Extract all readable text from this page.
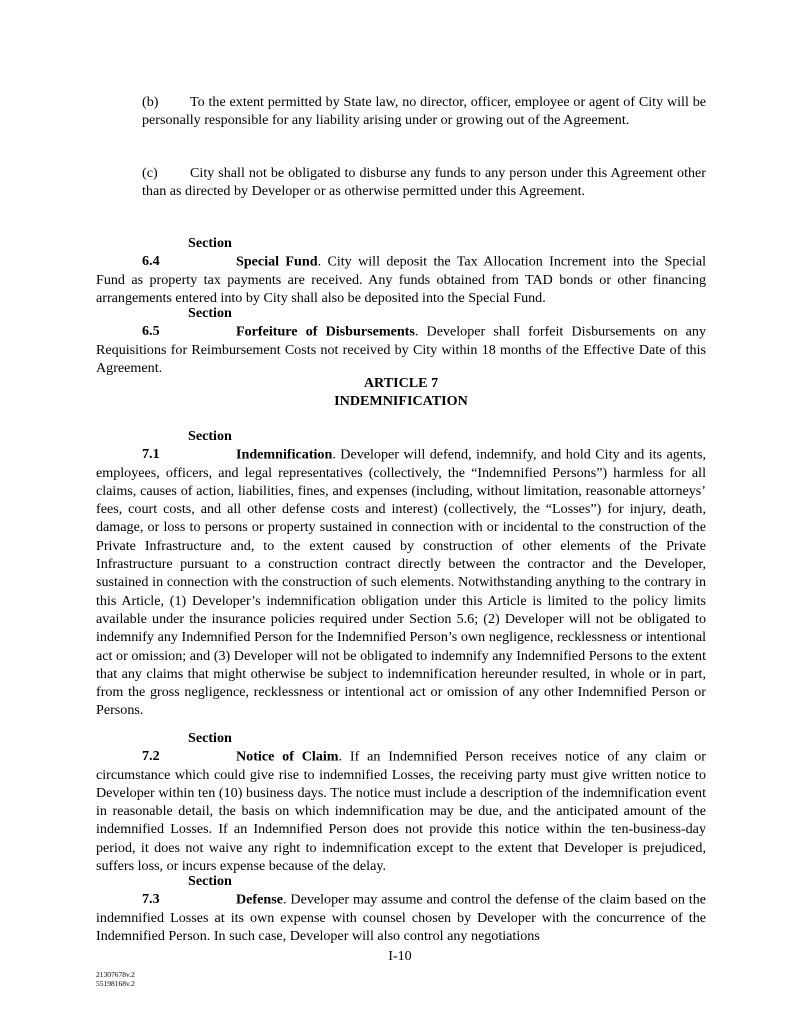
(b) To the extent permitted by State law, no director, officer, employee or agent of City will be personally responsible for any liability arising under or growing out of the Agreement.

(c) City shall not be obligated to disburse any funds to any person under this Agreement other than as directed by Developer or as otherwise permitted under this Agreement.

Section 6.4	Special Fund. City will deposit the Tax Allocation Increment into the Special Fund as property tax payments are received. Any funds obtained from TAD bonds or other financing arrangements entered into by City shall also be deposited into the Special Fund.

Section 6.5	Forfeiture of Disbursements. Developer shall forfeit Disbursements on any Requisitions for Reimbursement Costs not received by City within 18 months of the Effective Date of this Agreement.

ARTICLE 7

INDEMNIFICATION

Section 7.1	Indemnification. Developer will defend, indemnify, and hold City and its agents, employees, officers, and legal representatives (collectively, the “Indemnified Persons”) harmless for all claims, causes of action, liabilities, fines, and expenses (including, without limitation, reasonable attorneys’ fees, court costs, and all other defense costs and interest) (collectively, the “Losses”) for injury, death, damage, or loss to persons or property sustained in connection with or incidental to the construction of the Private Infrastructure and, to the extent caused by construction of other elements of the Private Infrastructure pursuant to a construction contract directly between the contractor and the Developer, sustained in connection with the construction of such elements. Notwithstanding anything to the contrary in this Article, (1) Developer’s indemnification obligation under this Article is limited to the policy limits available under the insurance policies required under Section 5.6; (2) Developer will not be obligated to indemnify any Indemnified Person for the Indemnified Person’s own negligence, recklessness or intentional act or omission; and (3) Developer will not be obligated to indemnify any Indemnified Persons to the extent that any claims that might otherwise be subject to indemnification hereunder resulted, in whole or in part, from the gross negligence, recklessness or intentional act or omission of any other Indemnified Person or Persons.

Section 7.2	Notice of Claim. If an Indemnified Person receives notice of any claim or circumstance which could give rise to indemnified Losses, the receiving party must give written notice to Developer within ten (10) business days. The notice must include a description of the indemnification event in reasonable detail, the basis on which indemnification may be due, and the anticipated amount of the indemnified Losses. If an Indemnified Person does not provide this notice within the ten-business-day period, it does not waive any right to indemnification except to the extent that Developer is prejudiced, suffers loss, or incurs expense because of the delay.

Section 7.3	Defense. Developer may assume and control the defense of the claim based on the indemnified Losses at its own expense with counsel chosen by Developer with the concurrence of the Indemnified Person. In such case, Developer will also control any negotiations

I-10
21307678v.2
55198168v.2
